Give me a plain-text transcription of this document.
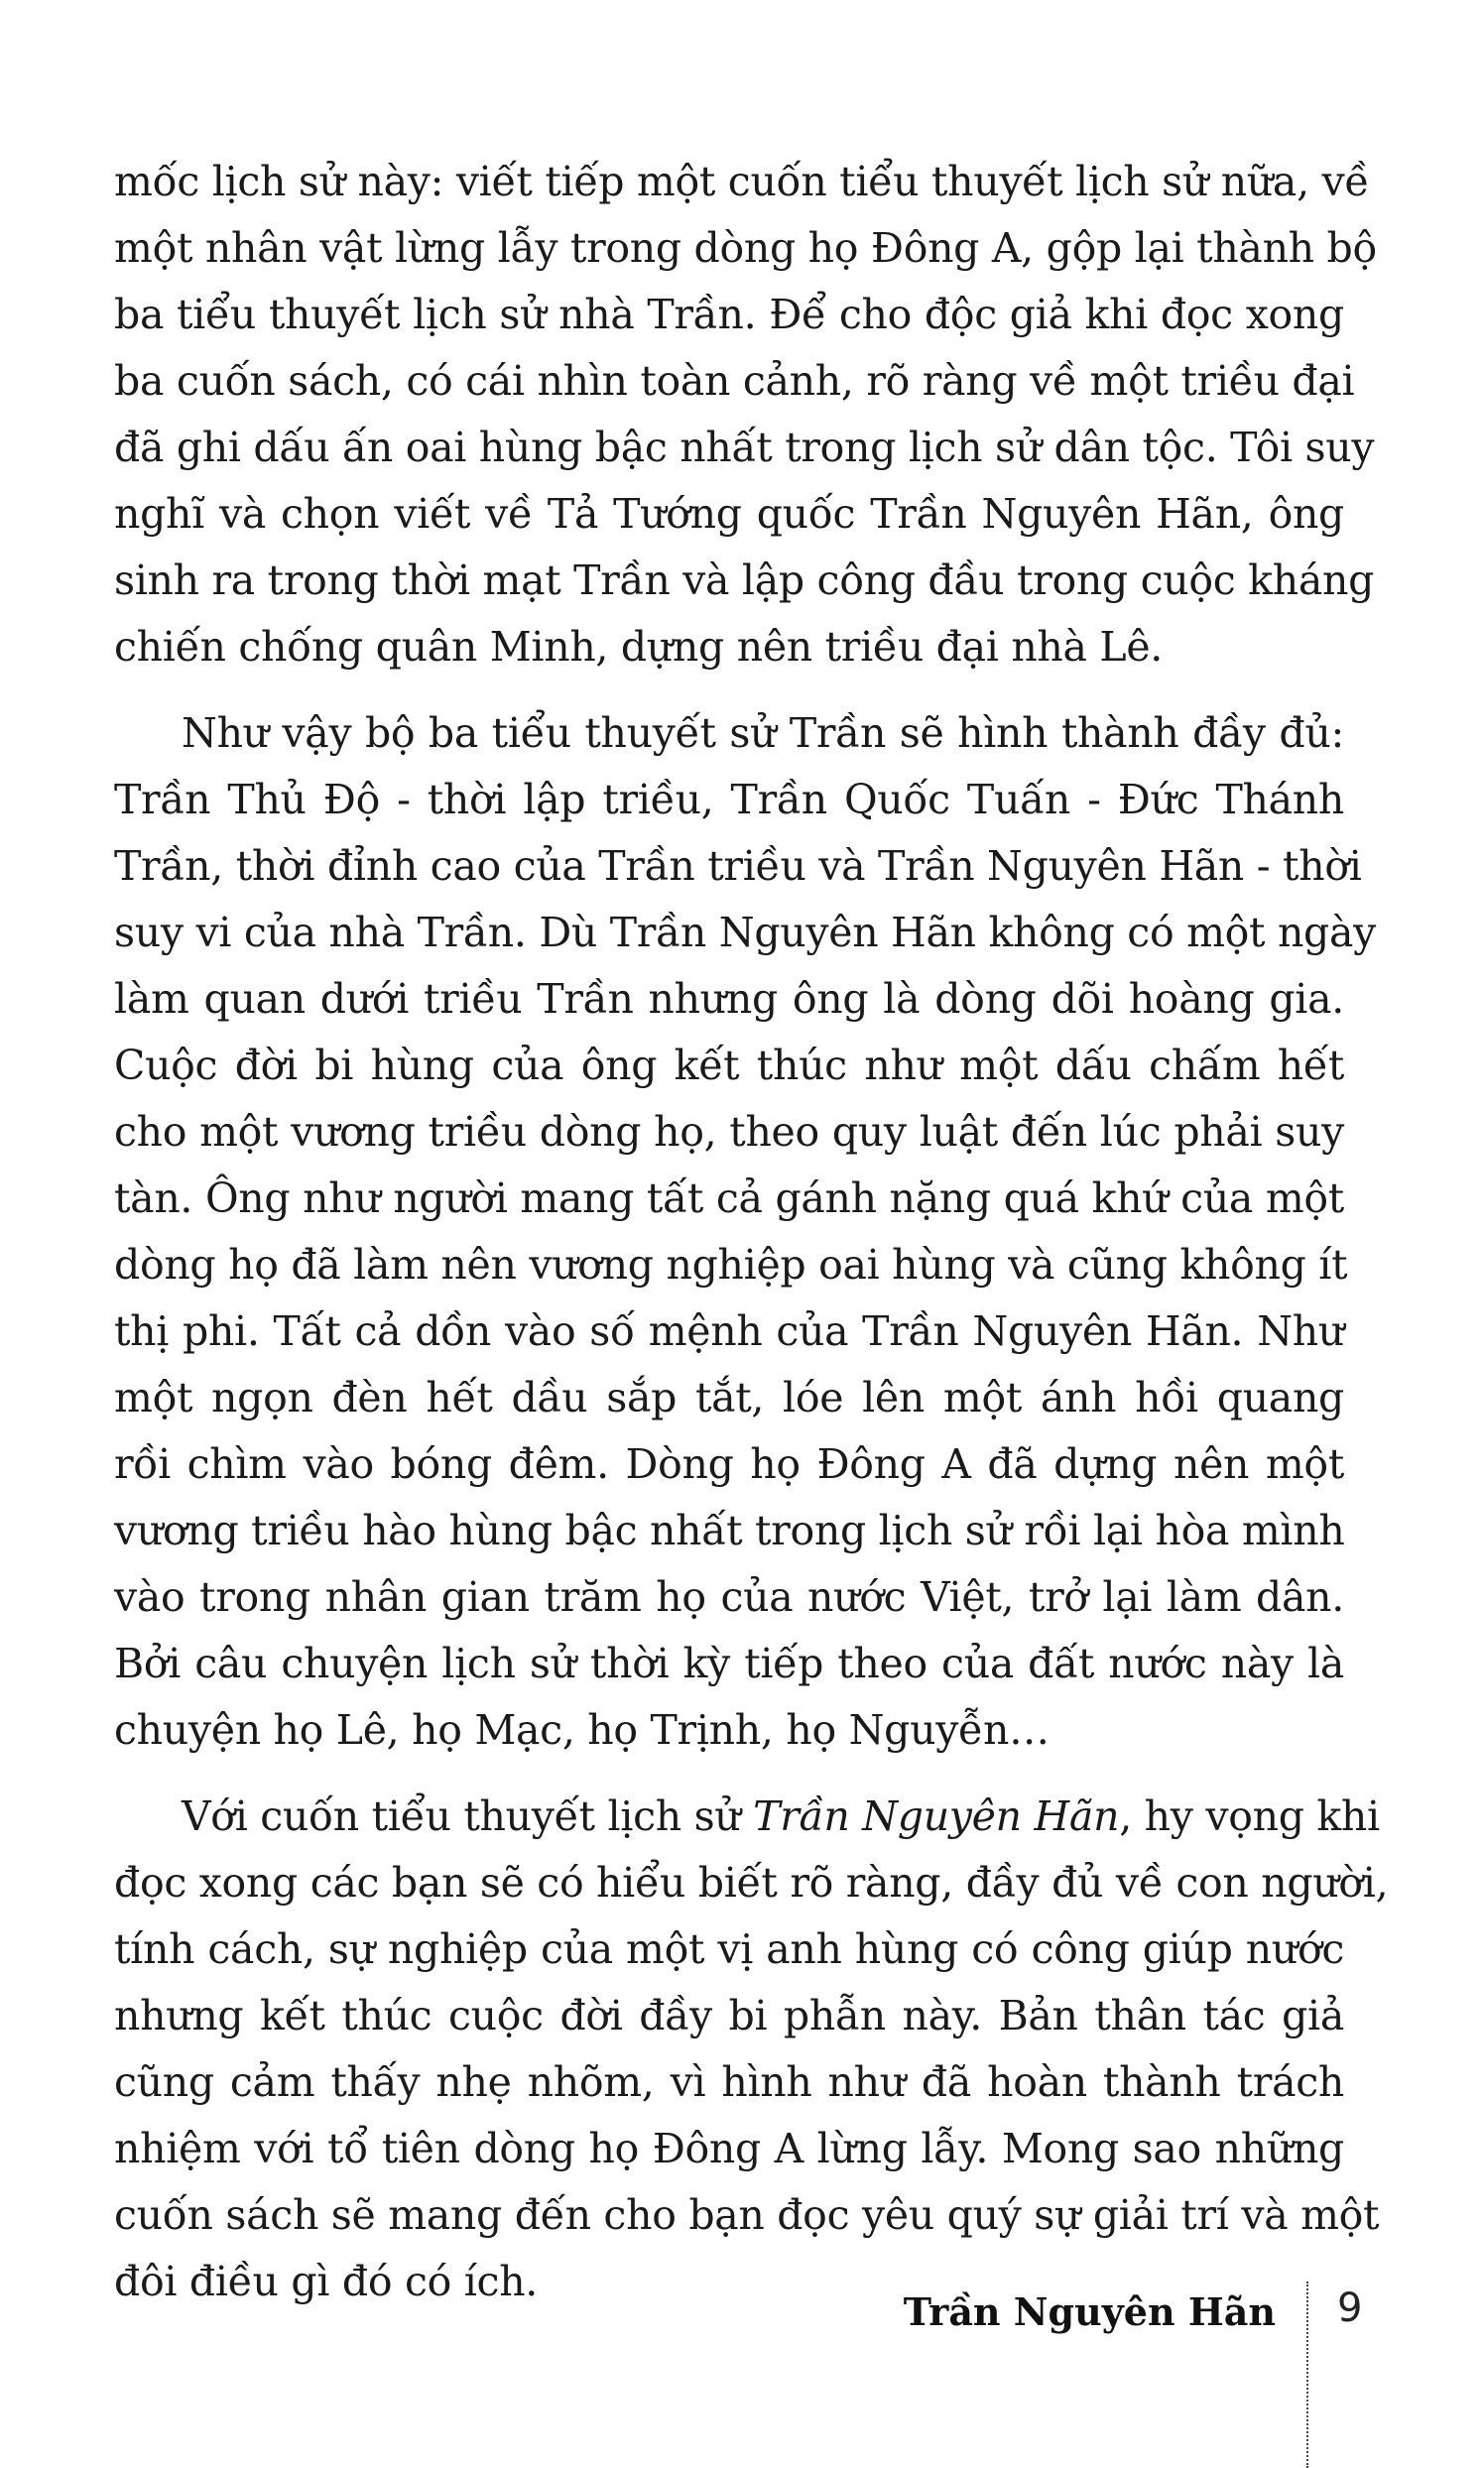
mốc lịch sử này: viết tiếp một cuốn tiểu thuyết lịch sử nữa, về
một nhân vật lừng lẫy trong dòng họ Đông A, gộp lại thành bộ
ba tiểu thuyết lịch sử nhà Trần. Để cho độc giả khi đọc xong
ba cuốn sách, có cái nhìn toàn cảnh, rõ ràng về một triều đại
đã ghi dấu ấn oai hùng bậc nhất trong lịch sử dân tộc. Tôi suy
nghĩ và chọn viết về Tả Tướng quốc Trần Nguyên Hãn, ông
sinh ra trong thời mạt Trần và lập công đầu trong cuộc kháng
chiến chống quân Minh, dựng nên triều đại nhà Lê.

Như vậy bộ ba tiểu thuyết sử Trần sẽ hình thành đầy đủ:
Trần Thủ Độ - thời lập triều, Trần Quốc Tuấn - Đức Thánh
Trần, thời đỉnh cao của Trần triều và Trần Nguyên Hãn - thời
suy vi của nhà Trần. Dù Trần Nguyên Hãn không có một ngày
làm quan dưới triều Trần nhưng ông là dòng dõi hoàng gia.
Cuộc đời bi hùng của ông kết thúc như một dấu chấm hết
cho một vương triều dòng họ, theo quy luật đến lúc phải suy
tàn. Ông như người mang tất cả gánh nặng quá khứ của một
dòng họ đã làm nên vương nghiệp oai hùng và cũng không ít
thị phi. Tất cả dồn vào số mệnh của Trần Nguyên Hãn. Như
một ngọn đèn hết dầu sắp tắt, lóe lên một ánh hồi quang
rồi chìm vào bóng đêm. Dòng họ Đông A đã dựng nên một
vương triều hào hùng bậc nhất trong lịch sử rồi lại hòa mình
vào trong nhân gian trăm họ của nước Việt, trở lại làm dân.
Bởi câu chuyện lịch sử thời kỳ tiếp theo của đất nước này là
chuyện họ Lê, họ Mạc, họ Trịnh, họ Nguyễn…

Với cuốn tiểu thuyết lịch sử Trần Nguyên Hãn, hy vọng khi
đọc xong các bạn sẽ có hiểu biết rõ ràng, đầy đủ về con người,
tính cách, sự nghiệp của một vị anh hùng có công giúp nước
nhưng kết thúc cuộc đời đầy bi phẫn này. Bản thân tác giả
cũng cảm thấy nhẹ nhõm, vì hình như đã hoàn thành trách
nhiệm với tổ tiên dòng họ Đông A lừng lẫy. Mong sao những
cuốn sách sẽ mang đến cho bạn đọc yêu quý sự giải trí và một
đôi điều gì đó có ích.

Trần Nguyên Hãn 9
